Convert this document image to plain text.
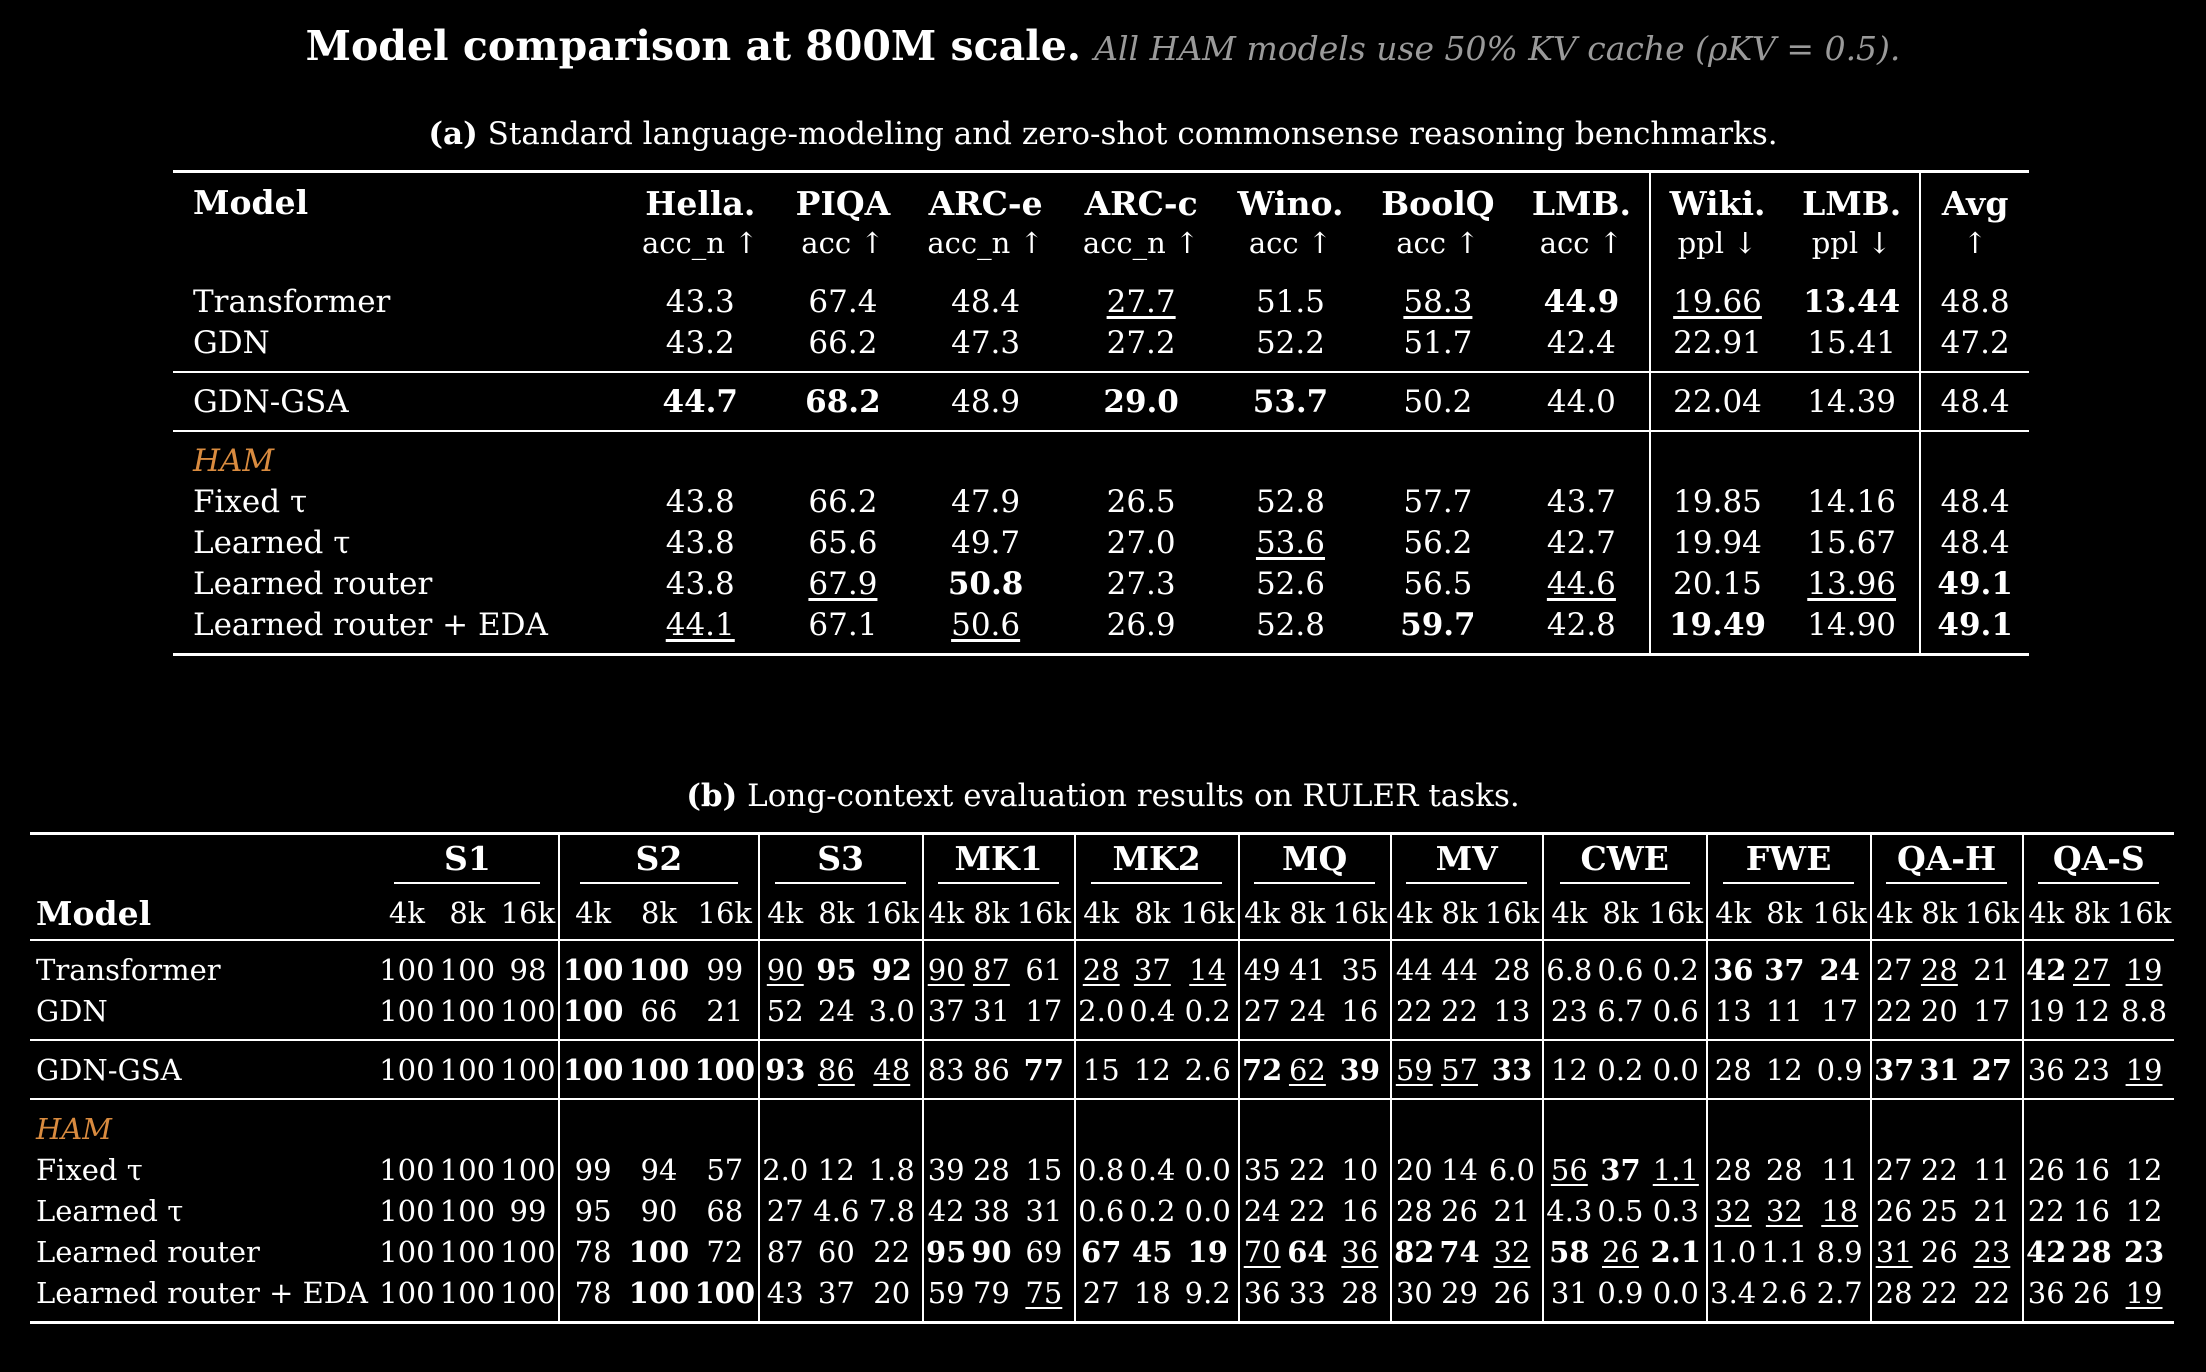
Model comparison at 800M scale. All HAM models use 50% KV cache (ρKV = 0.5).
(a) Standard language-modeling and zero-shot commonsense reasoning benchmarks.
Model	Hella.	PIQA	ARC-e	ARC-c	Wino.	BoolQ	LMB.	Wiki.	LMB.	Avg
	acc_n ↑	acc ↑	acc_n ↑	acc_n ↑	acc ↑	acc ↑	acc ↑	ppl ↓	ppl ↓	↑
Transformer	43.3	67.4	48.4	27.7	51.5	58.3	44.9	19.66	13.44	48.8
GDN	43.2	66.2	47.3	27.2	52.2	51.7	42.4	22.91	15.41	47.2
GDN-GSA	44.7	68.2	48.9	29.0	53.7	50.2	44.0	22.04	14.39	48.4
HAM										
Fixed τ	43.8	66.2	47.9	26.5	52.8	57.7	43.7	19.85	14.16	48.4
Learned τ	43.8	65.6	49.7	27.0	53.6	56.2	42.7	19.94	15.67	48.4
Learned router	43.8	67.9	50.8	27.3	52.6	56.5	44.6	20.15	13.96	49.1
Learned router + EDA	44.1	67.1	50.6	26.9	52.8	59.7	42.8	19.49	14.90	49.1
(b) Long-context evaluation results on RULER tasks.
	S1			S2			S3			MK1			MK2			MQ			MV			CWE			FWE			QA-H			QA-S		
Model	4k	8k	16k	4k	8k	16k	4k	8k	16k	4k	8k	16k	4k	8k	16k	4k	8k	16k	4k	8k	16k	4k	8k	16k	4k	8k	16k	4k	8k	16k	4k	8k	16k
Transformer	100	100	98	100	100	99	90	95	92	90	87	61	28	37	14	49	41	35	44	44	28	6.8	0.6	0.2	36	37	24	27	28	21	42	27	19
GDN	100	100	100	100	66	21	52	24	3.0	37	31	17	2.0	0.4	0.2	27	24	16	22	22	13	23	6.7	0.6	13	11	17	22	20	17	19	12	8.8
GDN-GSA	100	100	100	100	100	100	93	86	48	83	86	77	15	12	2.6	72	62	39	59	57	33	12	0.2	0.0	28	12	0.9	37	31	27	36	23	19
HAM																																	
Fixed τ	100	100	100	99	94	57	2.0	12	1.8	39	28	15	0.8	0.4	0.0	35	22	10	20	14	6.0	56	37	1.1	28	28	11	27	22	11	26	16	12
Learned τ	100	100	99	95	90	68	27	4.6	7.8	42	38	31	0.6	0.2	0.0	24	22	16	28	26	21	4.3	0.5	0.3	32	32	18	26	25	21	22	16	12
Learned router	100	100	100	78	100	72	87	60	22	95	90	69	67	45	19	70	64	36	82	74	32	58	26	2.1	1.0	1.1	8.9	31	26	23	42	28	23
Learned router + EDA	100	100	100	78	100	100	43	37	20	59	79	75	27	18	9.2	36	33	28	30	29	26	31	0.9	0.0	3.4	2.6	2.7	28	22	22	36	26	19
